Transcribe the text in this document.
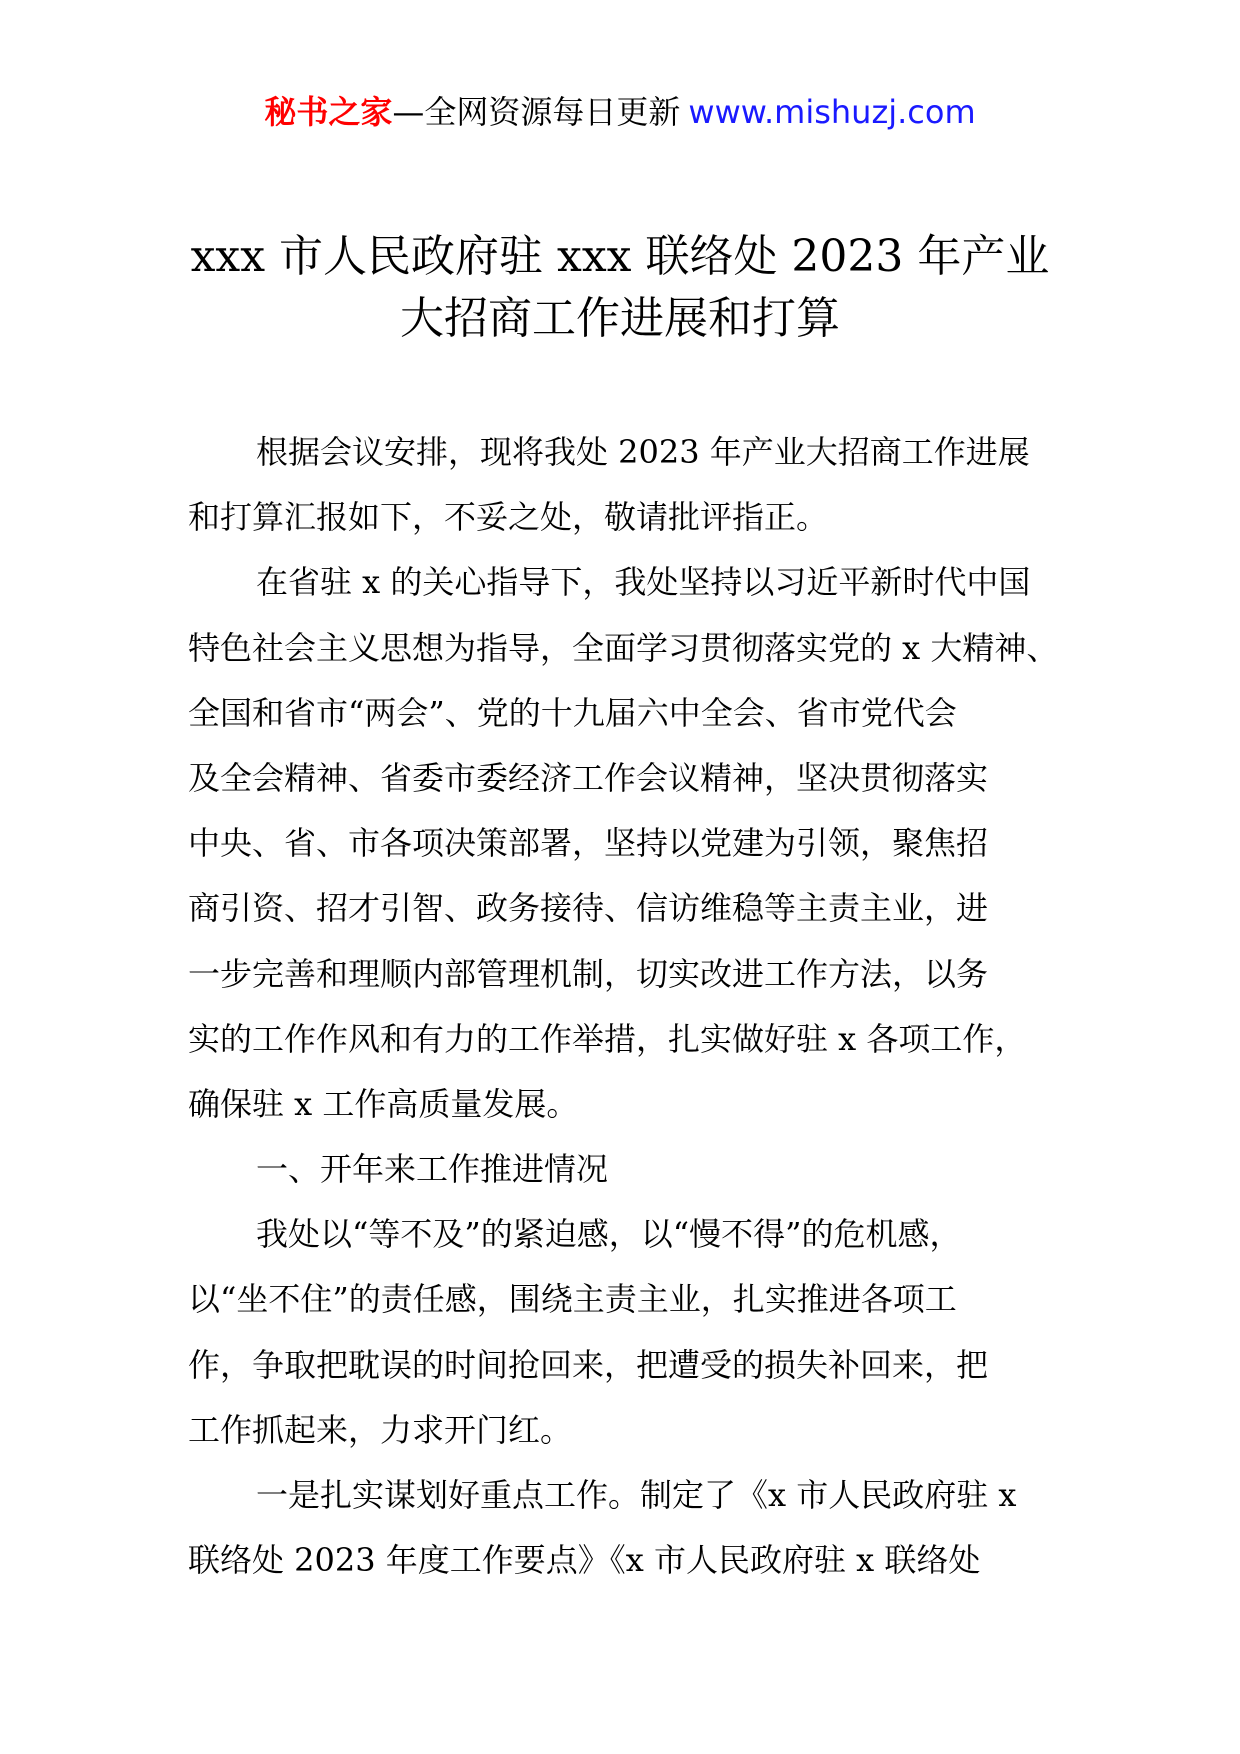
秘书之家—全网资源每日更新 www.mishuzj.com
xxx 市人民政府驻 xxx 联络处 2023 年产业
大招商工作进展和打算
根据会议安排，现将我处 2023 年产业大招商工作进展
和打算汇报如下，不妥之处，敬请批评指正。
在省驻 x 的关心指导下，我处坚持以习近平新时代中国
特色社会主义思想为指导，全面学习贯彻落实党的 x 大精神、
全国和省市“两会”、党的十九届六中全会、省市党代会
及全会精神、省委市委经济工作会议精神，坚决贯彻落实
中央、省、市各项决策部署，坚持以党建为引领，聚焦招
商引资、招才引智、政务接待、信访维稳等主责主业，进
一步完善和理顺内部管理机制，切实改进工作方法，以务
实的工作作风和有力的工作举措，扎实做好驻 x 各项工作，
确保驻 x 工作高质量发展。
一、开年来工作推进情况
我处以“等不及”的紧迫感，以“慢不得”的危机感，
以“坐不住”的责任感，围绕主责主业，扎实推进各项工
作，争取把耽误的时间抢回来，把遭受的损失补回来，把
工作抓起来，力求开门红。
一是扎实谋划好重点工作。制定了《x 市人民政府驻 x
联络处 2023 年度工作要点》《x 市人民政府驻 x 联络处
